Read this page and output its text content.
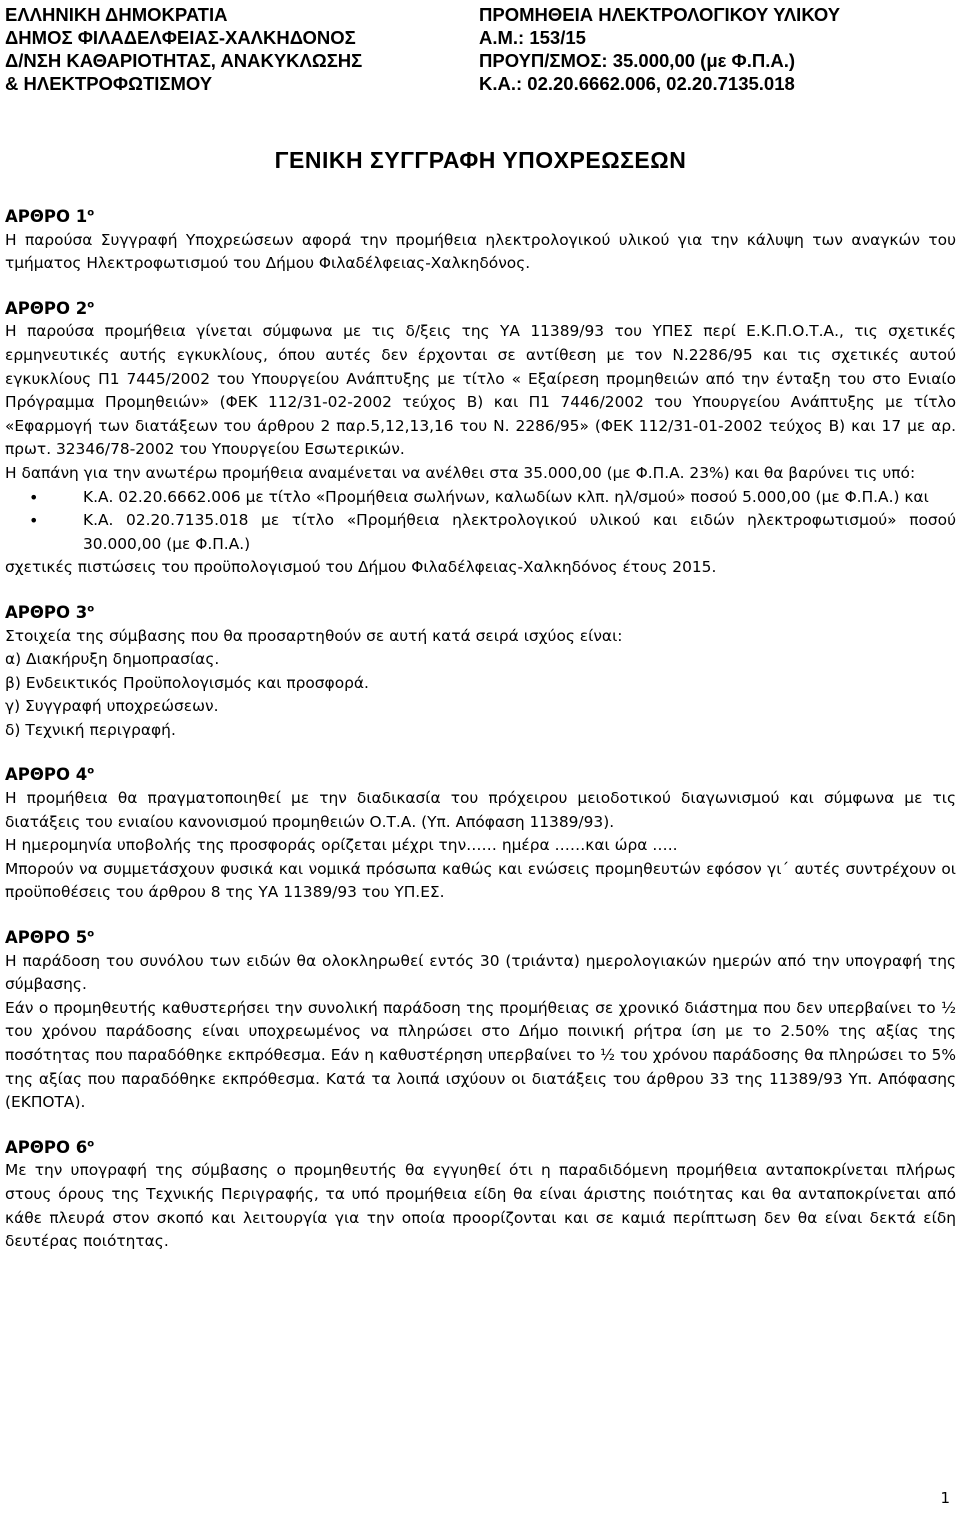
ΕΛΛΗΝΙΚΗ ΔΗΜΟΚΡΑΤΙΑ
ΔΗΜΟΣ ΦΙΛΑΔΕΛΦΕΙΑΣ-ΧΑΛΚΗΔΟΝΟΣ
Δ/ΝΣΗ ΚΑΘΑΡΙΟΤΗΤΑΣ, ΑΝΑΚΥΚΛΩΣΗΣ
& ΗΛΕΚΤΡΟΦΩΤΙΣΜΟΥ
ΠΡΟΜΗΘΕΙΑ ΗΛΕΚΤΡΟΛΟΓΙΚΟΥ ΥΛΙΚΟΥ
Α.Μ.: 153/15
ΠΡΟΥΠ/ΣΜΟΣ: 35.000,00 (με Φ.Π.Α.)
Κ.Α.: 02.20.6662.006, 02.20.7135.018
ΓΕΝΙΚΗ ΣΥΓΓΡΑΦΗ ΥΠΟΧΡΕΩΣΕΩΝ
ΑΡΘΡΟ $1^o$

Η παρούσα Συγγραφή Υποχρεώσεων αφορά την προμήθεια ηλεκτρολογικού υλικού για την κάλυψη των αναγκών του τμήματος Ηλεκτροφωτισμού του Δήμου Φιλαδέλφειας-Χαλκηδόνος.

ΑΡΘΡΟ $2^o$

Η παρούσα προμήθεια γίνεται σύμφωνα με τις δ/ξεις της ΥΑ 11389/93 του ΥΠΕΣ περί Ε.Κ.Π.Ο.Τ.Α., τις σχετικές ερμηνευτικές αυτής εγκυκλίους, όπου αυτές δεν έρχονται σε αντίθεση με τον Ν.2286/95 και τις σχετικές αυτού εγκυκλίους Π1 7445/2002 του Υπουργείου Ανάπτυξης με τίτλο « Εξαίρεση προμηθειών από την ένταξη του στο Ενιαίο Πρόγραμμα Προμηθειών» (ΦΕΚ 112/31-02-2002 τεύχος Β) και Π1 7446/2002 του Υπουργείου Ανάπτυξης με τίτλο «Εφαρμογή των διατάξεων του άρθρου 2 παρ.5,12,13,16 του Ν. 2286/95» (ΦΕΚ 112/31-01-2002 τεύχος Β) και 17 με αρ. πρωτ. 32346/78-2002 του Υπουργείου Εσωτερικών.

Η δαπάνη για την ανωτέρω προμήθεια αναμένεται να ανέλθει στα 35.000,00 (με Φ.Π.Α. 23%) και θα βαρύνει τις υπό:

• Κ.Α. 02.20.6662.006 με τίτλο «Προμήθεια σωλήνων, καλωδίων κλπ. ηλ/σμού» ποσού 5.000,00 (με Φ.Π.Α.) και
• Κ.Α. 02.20.7135.018 με τίτλο «Προμήθεια ηλεκτρολογικού υλικού και ειδών ηλεκτροφωτισμού» ποσού 30.000,00 (με Φ.Π.Α.)

σχετικές πιστώσεις του προϋπολογισμού του Δήμου Φιλαδέλφειας-Χαλκηδόνος έτους 2015.

ΑΡΘΡΟ $3^o$

Στοιχεία της σύμβασης που θα προσαρτηθούν σε αυτή κατά σειρά ισχύος είναι:

α) Διακήρυξη δημοπρασίας.

β) Ενδεικτικός Προϋπολογισμός και προσφορά.

γ) Συγγραφή υποχρεώσεων.

δ) Τεχνική περιγραφή.

ΑΡΘΡΟ $4^o$

Η προμήθεια θα πραγματοποιηθεί με την διαδικασία του πρόχειρου μειοδοτικού διαγωνισμού και σύμφωνα με τις διατάξεις του ενιαίου κανονισμού προμηθειών Ο.Τ.Α. (Υπ. Απόφαση 11389/93).

Η ημερομηνία υποβολής της προσφοράς ορίζεται μέχρι την…… ημέρα ……και ώρα …..

Μπορούν να συμμετάσχουν φυσικά και νομικά πρόσωπα καθώς και ενώσεις προμηθευτών εφόσον γι΄ αυτές συντρέχουν οι προϋποθέσεις του άρθρου 8 της ΥΑ 11389/93 του ΥΠ.ΕΣ.

ΑΡΘΡΟ $5^o$

Η παράδοση του συνόλου των ειδών θα ολοκληρωθεί εντός 30 (τριάντα) ημερολογιακών ημερών από την υπογραφή της σύμβασης.

Εάν ο προμηθευτής καθυστερήσει την συνολική παράδοση της προμήθειας σε χρονικό διάστημα που δεν υπερβαίνει το ½ του χρόνου παράδοσης είναι υποχρεωμένος να πληρώσει στο Δήμο ποινική ρήτρα ίση με το 2.50% της αξίας της ποσότητας που παραδόθηκε εκπρόθεσμα. Εάν η καθυστέρηση υπερβαίνει το ½ του χρόνου παράδοσης θα πληρώσει το 5% της αξίας που παραδόθηκε εκπρόθεσμα. Κατά τα λοιπά ισχύουν οι διατάξεις του άρθρου 33 της 11389/93 Υπ. Απόφασης (ΕΚΠΟΤΑ).

ΑΡΘΡΟ $6^o$

Με την υπογραφή της σύμβασης ο προμηθευτής θα εγγυηθεί ότι η παραδιδόμενη προμήθεια ανταποκρίνεται πλήρως στους όρους της Τεχνικής Περιγραφής, τα υπό προμήθεια είδη θα είναι άριστης ποιότητας και θα ανταποκρίνεται από κάθε πλευρά στον σκοπό και λειτουργία για την οποία προορίζονται και σε καμιά περίπτωση δεν θα είναι δεκτά είδη δευτέρας ποιότητας.

1
